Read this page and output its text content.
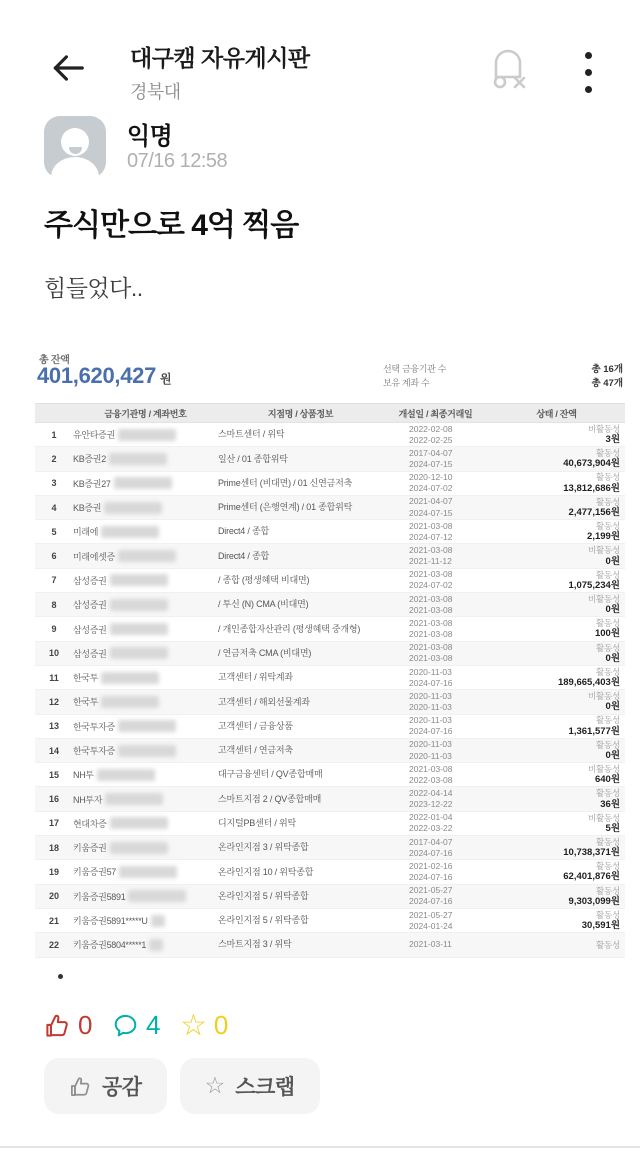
대구캠 자유게시판
경북대
익명
07/16 12:58
주식만으로 4억 찍음
힘들었다..
총 잔액
401,620,427 원
선택 금융기관 수	총 16개
보유 계좌 수	총 47개
금융기관명 / 계좌번호	지점명 / 상품정보	개설일 / 최종거래일	상태 / 잔액
1	유안타증권	스마트센터 / 위탁
2022-02-08
2022-02-25
비활동성
3원
2	KB증권2	일산 / 01 종합위탁
2017-04-07
2024-07-15
활동성
40,673,904원
3	KB증권27	Prime센터 (비대면) / 01 신연금저축
2020-12-10
2024-07-02
활동성
13,812,686원
4	KB증권	Prime센터 (은행연계) / 01 종합위탁
2021-04-07
2024-07-15
활동성
2,477,156원
5	미래에	Direct4 / 종합
2021-03-08
2024-07-12
활동성
2,199원
6	미래에셋증	Direct4 / 종합
2021-03-08
2021-11-12
비활동성
0원
7	삼성증권	/ 종합 (평생혜택 비대면)
2021-03-08
2024-07-02
활동성
1,075,234원
8	삼성증권	/ 투신 (N) CMA (비대면)
2021-03-08
2021-03-08
비활동성
0원
9	삼성증권	/ 개인종합자산관리 (평생혜택 중개형)
2021-03-08
2021-03-08
활동성
100원
10	삼성증권	/ 연금저축 CMA (비대면)
2021-03-08
2021-03-08
활동성
0원
11	한국투	고객센터 / 위탁계좌
2020-11-03
2024-07-16
활동성
189,665,403원
12	한국투	고객센터 / 해외선물계좌
2020-11-03
2020-11-03
비활동성
0원
13	한국투자증	고객센터 / 금융상품
2020-11-03
2024-07-16
활동성
1,361,577원
14	한국투자증	고객센터 / 연금저축
2020-11-03
2020-11-03
활동성
0원
15	NH투	대구금융센터 / QV종합매매
2021-03-08
2022-03-08
비활동성
640원
16	NH투자	스마트지점 2 / QV종합매매
2022-04-14
2023-12-22
활동성
36원
17	현대차증	디지털PB센터 / 위탁
2022-01-04
2022-03-22
비활동성
5원
18	키움증권	온라인지점 3 / 위탁종합
2017-04-07
2024-07-16
활동성
10,738,371원
19	키움증권57	온라인지점 10 / 위탁종합
2021-02-16
2024-07-16
활동성
62,401,876원
20	키움증권5891	온라인지점 5 / 위탁종합
2021-05-27
2024-07-16
활동성
9,303,099원
21	키움증권5891*****U	온라인지점 5 / 위탁종합
2021-05-27
2024-01-24
활동성
30,591원
22	키움증권5804*****1	스마트지점 3 / 위탁	2021-03-11	활동성
0 4 ☆ 0
공감	☆ 스크랩
